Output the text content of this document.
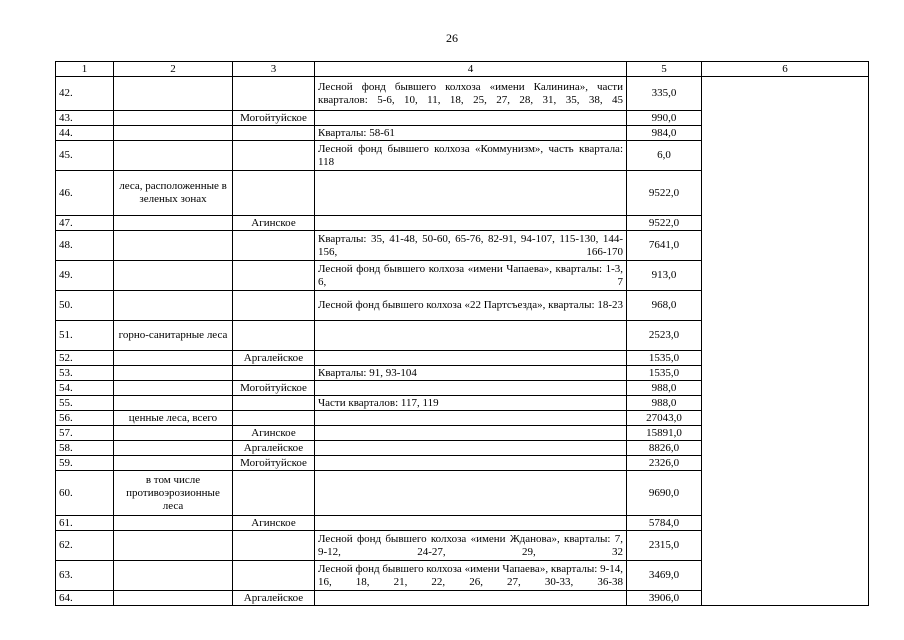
26
1	2	3	4	5	6
42.			Лесной фонд бывшего колхоза «имени Калинина», части кварталов: 5-6, 10, 11, 18, 25, 27, 28, 31, 35, 38, 45	335,0	
43.		Могойтуйское		990,0	
44.			Кварталы: 58-61	984,0	
45.			Лесной фонд бывшего колхоза «Коммунизм», часть квартала: 118	6,0	
46.	леса, расположенные в зеленых зонах			9522,0	
47.		Агинское		9522,0	
48.			Кварталы: 35, 41-48, 50-60, 65-76, 82-91, 94-107, 115-130, 144-156, 166-170	7641,0	
49.			Лесной фонд бывшего колхоза «имени Чапаева», кварталы: 1-3, 6, 7	913,0	
50.			Лесной фонд бывшего колхоза «22 Партсъезда», кварталы: 18-23	968,0	
51.	горно-санитарные леса			2523,0	
52.		Аргалейское		1535,0	
53.			Кварталы: 91, 93-104	1535,0	
54.		Могойтуйское		988,0	
55.			Части кварталов: 117, 119	988,0	
56.	ценные леса, всего			27043,0	
57.		Агинское		15891,0	
58.		Аргалейское		8826,0	
59.		Могойтуйское		2326,0	
60.	в том числе противоэрозионные леса			9690,0	
61.		Агинское		5784,0	
62.			Лесной фонд бывшего колхоза «имени Жданова», кварталы: 7, 9-12, 24-27, 29, 32	2315,0	
63.			Лесной фонд бывшего колхоза «имени Чапаева», кварталы: 9-14, 16, 18, 21, 22, 26, 27, 30-33, 36-38	3469,0	
64.		Аргалейское		3906,0	
